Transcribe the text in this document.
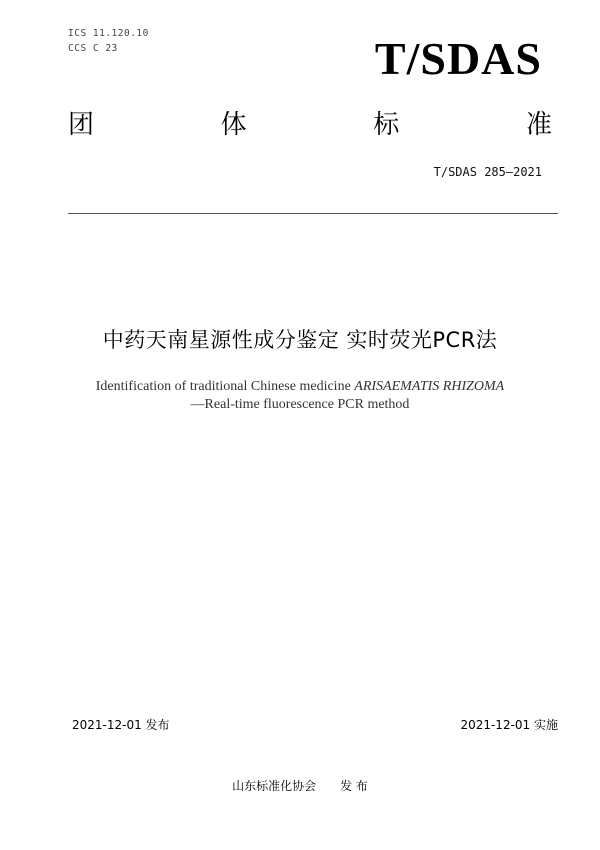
ICS 11.120.10

CCS C 23	T/SDAS
团	体	标	准
T/SDAS 285—2021
中药天南星源性成分鉴定 实时荧光PCR法
Identification of traditional Chinese medicine ARISAEMATIS RHIZOMA
—Real-time fluorescence PCR method
2021-12-01 发布	2021-12-01 实施
山东标准化协会 发 布
